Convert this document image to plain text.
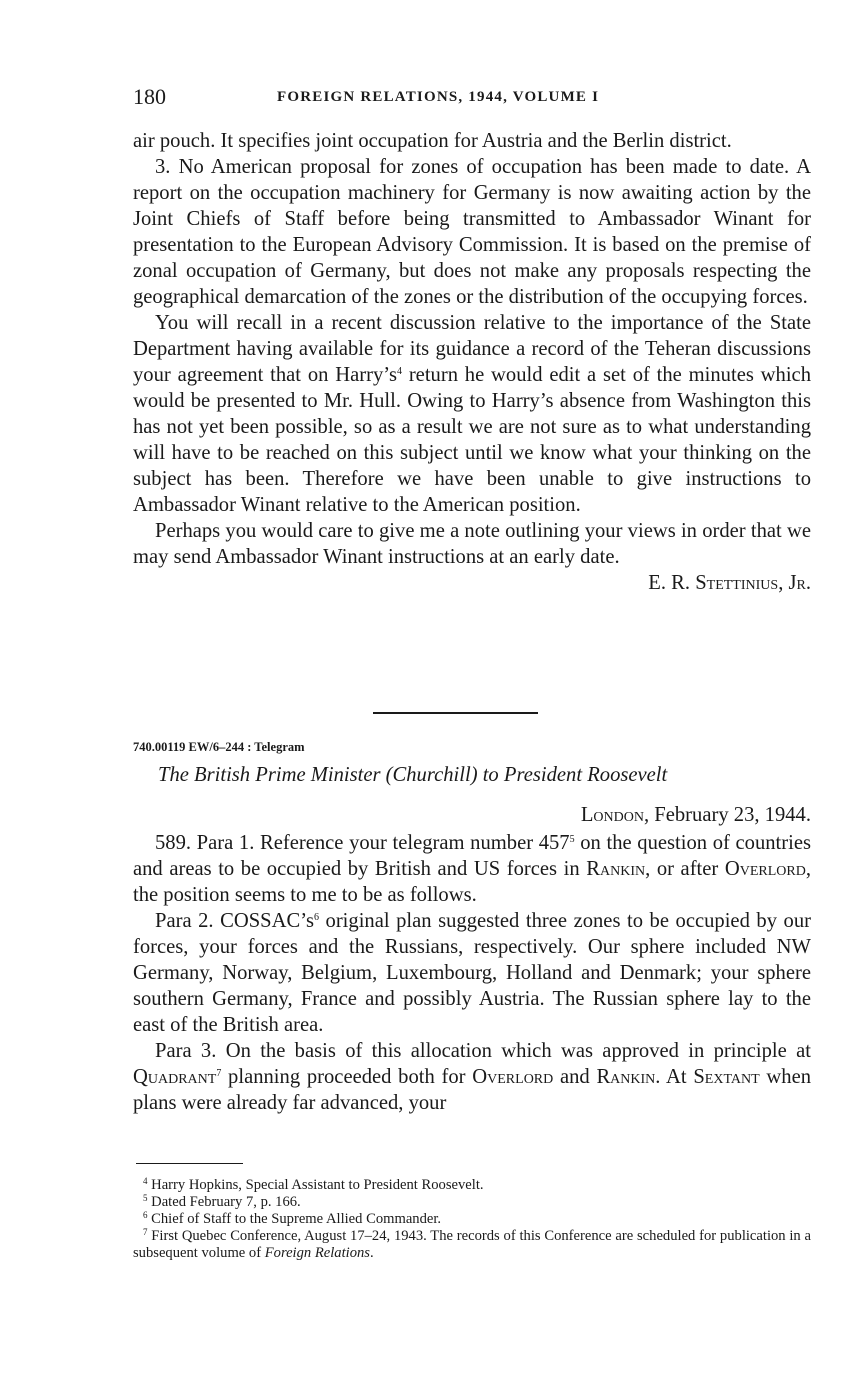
180	FOREIGN RELATIONS, 1944, VOLUME I

air pouch. It specifies joint occupation for Austria and the Berlin district.

3. No American proposal for zones of occupation has been made to date. A report on the occupation machinery for Germany is now awaiting action by the Joint Chiefs of Staff before being transmitted to Ambassador Winant for presentation to the European Advisory Commission. It is based on the premise of zonal occupation of Germany, but does not make any proposals respecting the geographical demarcation of the zones or the distribution of the occupying forces.

You will recall in a recent discussion relative to the importance of the State Department having available for its guidance a record of the Teheran discussions your agreement that on Harry’s$^4$ return he would edit a set of the minutes which would be presented to Mr. Hull. Owing to Harry’s absence from Washington this has not yet been possible, so as a result we are not sure as to what understanding will have to be reached on this subject until we know what your thinking on the subject has been. Therefore we have been unable to give instructions to Ambassador Winant relative to the American position.

Perhaps you would care to give me a note outlining your views in order that we may send Ambassador Winant instructions at an early date.

E. R. Stettinius, Jr.

740.00119 EW/6–244 : Telegram

The British Prime Minister (Churchill) to President Roosevelt

London, February 23, 1944.

589. Para 1. Reference your telegram number 457$^5$ on the question of countries and areas to be occupied by British and US forces in Rankin, or after Overlord, the position seems to me to be as follows.

Para 2. COSSAC’s$^6$ original plan suggested three zones to be occupied by our forces, your forces and the Russians, respectively. Our sphere included NW Germany, Norway, Belgium, Luxembourg, Holland and Denmark; your sphere southern Germany, France and possibly Austria. The Russian sphere lay to the east of the British area.

Para 3. On the basis of this allocation which was approved in principle at Quadrant$^7$ planning proceeded both for Overlord and Rankin. At Sextant when plans were already far advanced, your

$^4$ Harry Hopkins, Special Assistant to President Roosevelt.

$^5$ Dated February 7, p. 166.

$^6$ Chief of Staff to the Supreme Allied Commander.

$^7$ First Quebec Conference, August 17–24, 1943. The records of this Conference are scheduled for publication in a subsequent volume of Foreign Relations.
